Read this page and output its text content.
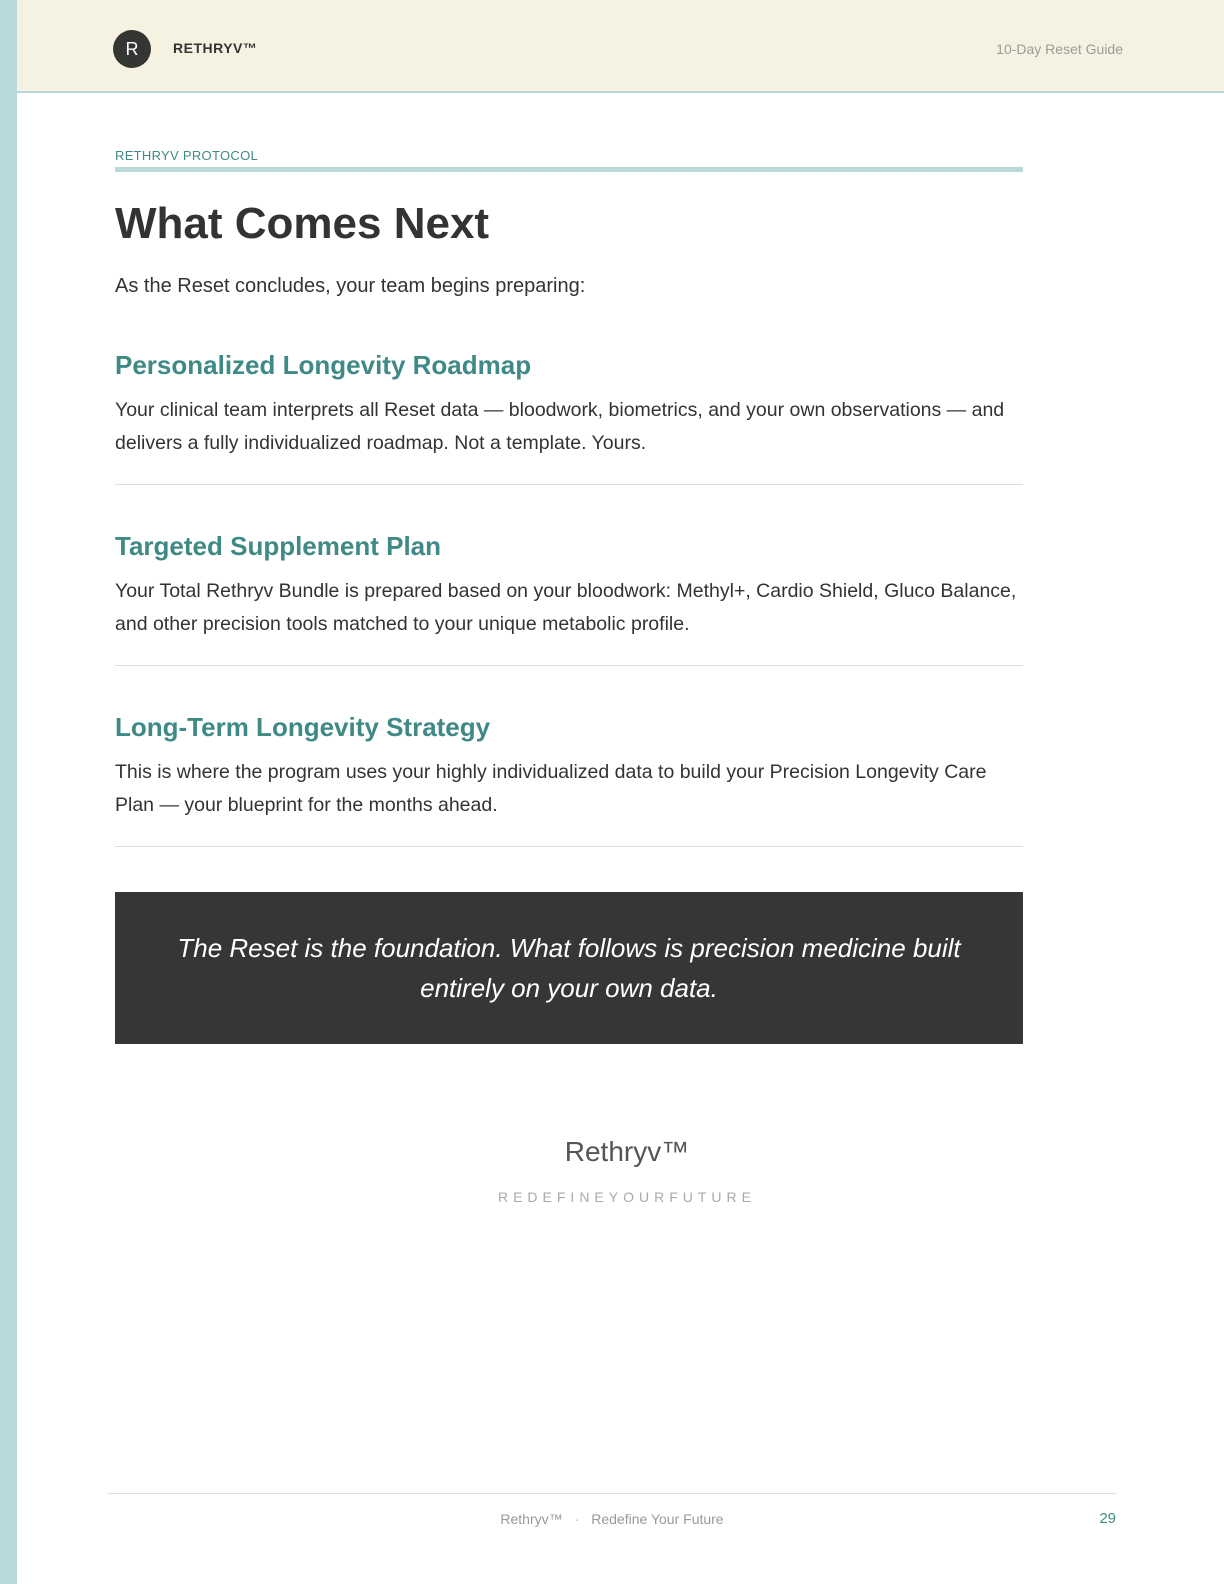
R	RETHRYV™	10-Day Reset Guide
RETHRYV PROTOCOL
What Comes Next

As the Reset concludes, your team begins preparing:

Personalized Longevity Roadmap

Your clinical team interprets all Reset data — bloodwork, biometrics, and your own observations — and delivers a fully individualized roadmap. Not a template. Yours.

Targeted Supplement Plan

Your Total Rethryv Bundle is prepared based on your bloodwork: Methyl+, Cardio Shield, Gluco Balance, and other precision tools matched to your unique metabolic profile.

Long-Term Longevity Strategy

This is where the program uses your highly individualized data to build your Precision Longevity Care Plan — your blueprint for the months ahead.

The Reset is the foundation. What follows is precision medicine built entirely on your own data.

Rethryv™
REDEFINEYOURFUTURE
Rethryv™ · Redefine Your Future	29
